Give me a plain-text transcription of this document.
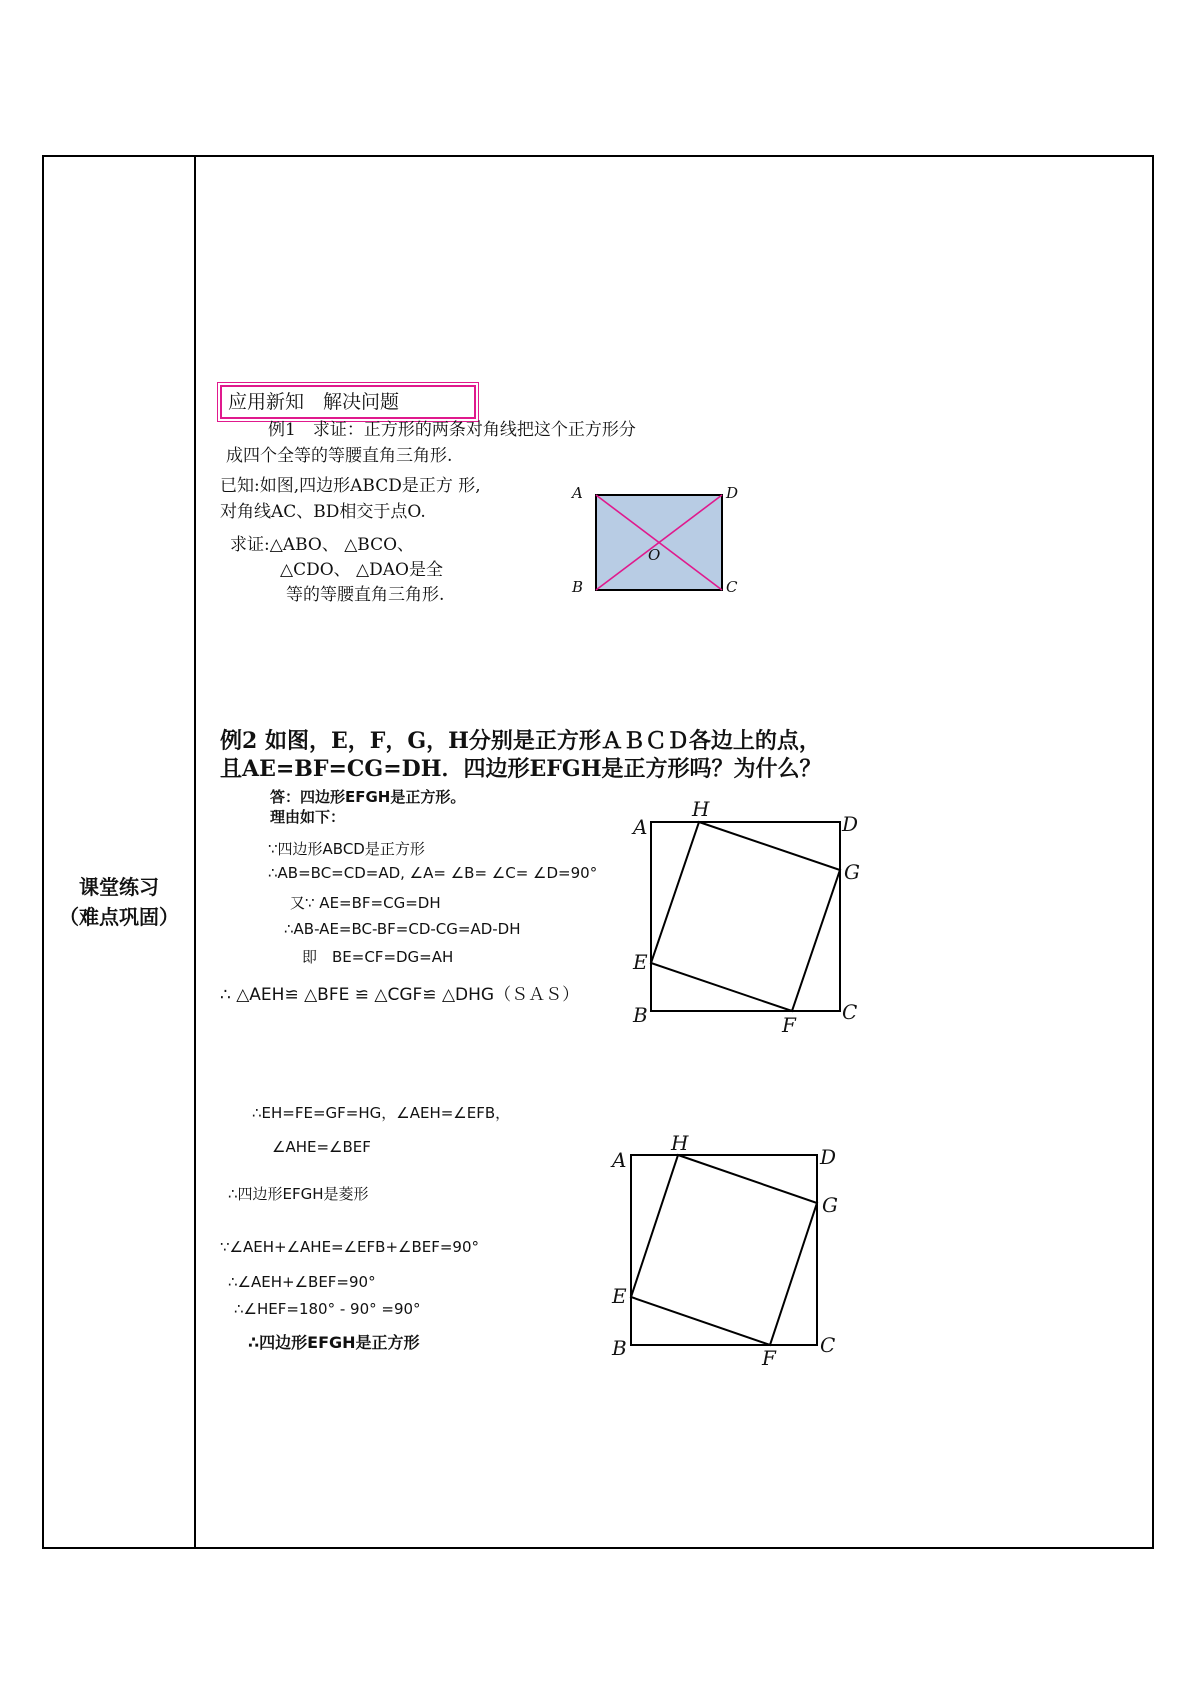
课堂练习
（难点巩固）
应用新知　解决问题
例1　求证：正方形的两条对角线把这个正方形分
成四个全等的等腰直角三角形.
已知:如图,四边形ABCD是正方 形,
对角线AC、BD相交于点O.
求证:△ABO、 △BCO、
△CDO、 △DAO是全
等的等腰直角三角形.
A	D
B	C
O
例2 如图，E，F，G，H分别是正方形ＡＢＣＤ各边上的点，
且AE=BF=CG=DH．四边形EFGH是正方形吗？为什么？
答：四边形EFGH是正方形。
理由如下：
∵四边形ABCD是正方形
∴AB=BC=CD=AD, ∠A= ∠B= ∠C= ∠D=90°
又∵ AE=BF=CG=DH
∴AB-AE=BC-BF=CD-CG=AD-DH
即　BE=CF=DG=AH
∴ △AEH≌ △BFE ≌ △CGF≌ △DHG（ＳＡＳ）
A
H
D
G
E
B	F
C
∴EH=FE=GF=HG，∠AEH=∠EFB，
∠AHE=∠BEF
∴四边形EFGH是菱形
∵∠AEH+∠AHE=∠EFB+∠BEF=90°
∴∠AEH+∠BEF=90°
∴∠HEF=180° - 90° =90°
∴四边形EFGH是正方形
A
H
D
G
E
B	F
C
